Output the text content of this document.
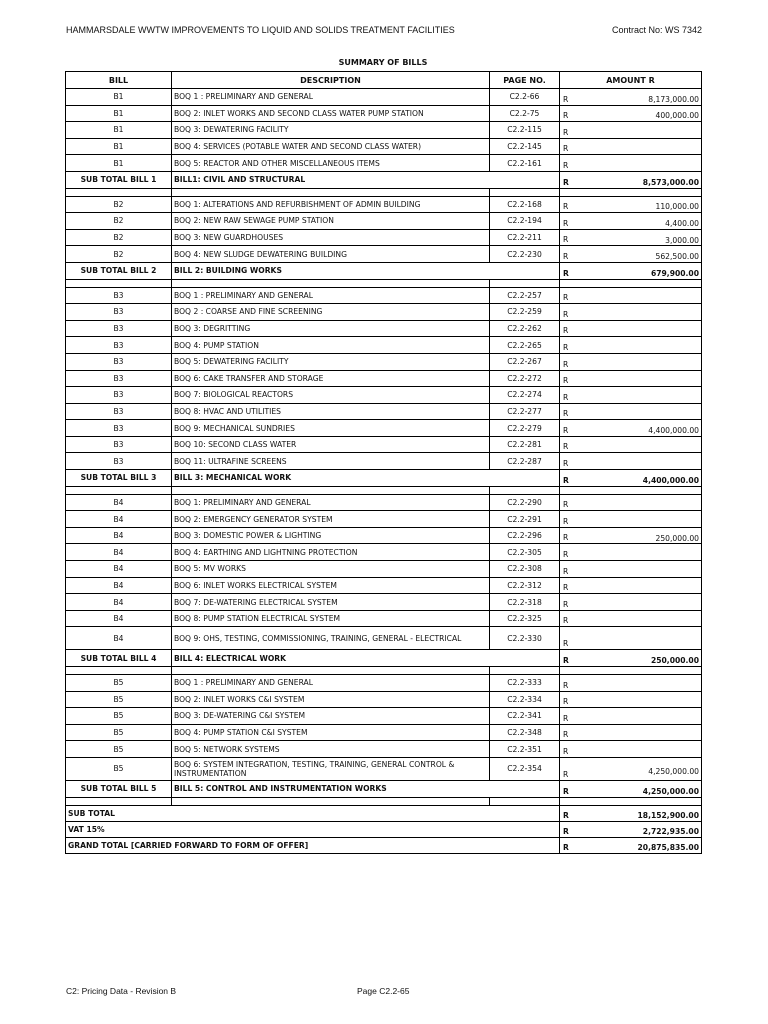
HAMMARSDALE WWTW IMPROVEMENTS TO LIQUID AND SOLIDS TREATMENT FACILITIES	Contract No: WS 7342
SUMMARY OF BILLS
BILL	DESCRIPTION	PAGE NO.	AMOUNT R
B1	BOQ 1 : PRELIMINARY AND GENERAL	C2.2-66	R 8,173,000.00

B1	BOQ 2: INLET WORKS AND SECOND CLASS WATER PUMP STATION	C2.2-75	R 400,000.00

B1	BOQ 3: DEWATERING FACILITY	C2.2-115	R

B1	BOQ 4: SERVICES (POTABLE WATER AND SECOND CLASS WATER)	C2.2-145	R

B1	BOQ 5: REACTOR AND OTHER MISCELLANEOUS ITEMS	C2.2-161	R

SUB TOTAL BILL 1	BILL1: CIVIL AND STRUCTURAL		R 8,573,000.00

B2	BOQ 1: ALTERATIONS AND REFURBISHMENT OF ADMIN BUILDING	C2.2-168	R 110,000.00

B2	BOQ 2: NEW RAW SEWAGE PUMP STATION	C2.2-194	R 4,400.00

B2	BOQ 3: NEW GUARDHOUSES	C2.2-211	R 3,000.00

B2	BOQ 4: NEW SLUDGE DEWATERING BUILDING	C2.2-230	R 562,500.00

SUB TOTAL BILL 2	BILL 2: BUILDING WORKS		R 679,900.00

B3	BOQ 1 : PRELIMINARY AND GENERAL	C2.2-257	R

B3	BOQ 2 : COARSE AND FINE SCREENING	C2.2-259	R

B3	BOQ 3: DEGRITTING	C2.2-262	R

B3	BOQ 4: PUMP STATION	C2.2-265	R

B3	BOQ 5: DEWATERING FACILITY	C2.2-267	R

B3	BOQ 6: CAKE TRANSFER AND STORAGE	C2.2-272	R

B3	BOQ 7: BIOLOGICAL REACTORS	C2.2-274	R

B3	BOQ 8: HVAC AND UTILITIES	C2.2-277	R

B3	BOQ 9: MECHANICAL SUNDRIES	C2.2-279	R 4,400,000.00

B3	BOQ 10: SECOND CLASS WATER	C2.2-281	R

B3	BOQ 11: ULTRAFINE SCREENS	C2.2-287	R

SUB TOTAL BILL 3	BILL 3: MECHANICAL WORK		R 4,400,000.00

B4	BOQ 1: PRELIMINARY AND GENERAL	C2.2-290	R

B4	BOQ 2: EMERGENCY GENERATOR SYSTEM	C2.2-291	R

B4	BOQ 3: DOMESTIC POWER & LIGHTING	C2.2-296	R 250,000.00

B4	BOQ 4: EARTHING AND LIGHTNING PROTECTION	C2.2-305	R

B4	BOQ 5: MV WORKS	C2.2-308	R

B4	BOQ 6: INLET WORKS ELECTRICAL SYSTEM	C2.2-312	R

B4	BOQ 7: DE-WATERING ELECTRICAL SYSTEM	C2.2-318	R

B4	BOQ 8: PUMP STATION ELECTRICAL SYSTEM	C2.2-325	R

B4	BOQ 9: OHS, TESTING, COMMISSIONING, TRAINING, GENERAL - ELECTRICAL	C2.2-330	R

SUB TOTAL BILL 4	BILL 4: ELECTRICAL WORK		R 250,000.00

B5	BOQ 1 : PRELIMINARY AND GENERAL	C2.2-333	R

B5	BOQ 2: INLET WORKS C&I SYSTEM	C2.2-334	R

B5	BOQ 3: DE-WATERING C&I SYSTEM	C2.2-341	R

B5	BOQ 4: PUMP STATION C&I SYSTEM	C2.2-348	R

B5	BOQ 5: NETWORK SYSTEMS	C2.2-351	R

B5	BOQ 6: SYSTEM INTEGRATION, TESTING, TRAINING, GENERAL CONTROL & INSTRUMENTATION	C2.2-354	R 4,250,000.00

SUB TOTAL BILL 5	BILL 5: CONTROL AND INSTRUMENTATION WORKS		R 4,250,000.00

SUB TOTAL			R 18,152,900.00

VAT 15%			R 2,722,935.00

GRAND TOTAL [CARRIED FORWARD TO FORM OF OFFER]			R 20,875,835.00
C2: Pricing Data - Revision B	Page C2.2-65
